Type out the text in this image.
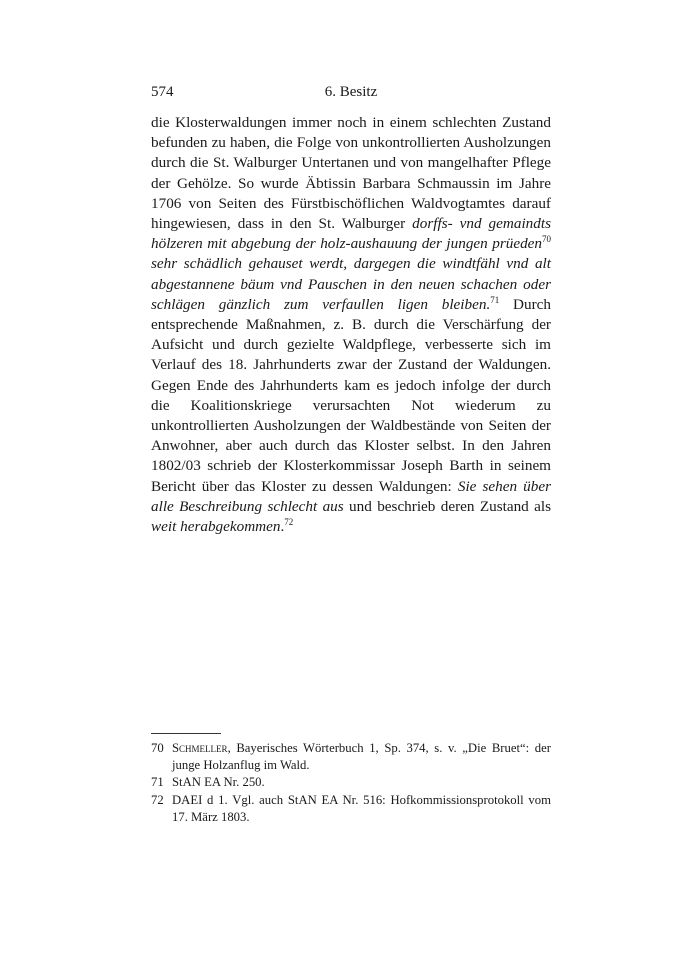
574	6. Besitz

die Klosterwaldungen immer noch in einem schlechten Zustand befunden zu haben, die Folge von unkontrollierten Ausholzungen durch die St. Walburger Untertanen und von mangelhafter Pflege der Gehölze. So wurde Äbtissin Barbara Schmaussin im Jahre 1706 von Seiten des Fürstbischöflichen Waldvogtamtes darauf hingewiesen, dass in den St. Walburger dorffs- vnd gemaindts hölzeren mit abgebung der holz-aushauung der jungen prüeden$^{70}$ sehr schädlich gehauset werdt, dargegen die windtfähl vnd alt abgestannene bäum vnd Pauschen in den neuen schachen oder schlägen gänzlich zum verfaullen ligen bleiben.$^{71}$ Durch entsprechende Maßnahmen, z. B. durch die Verschärfung der Aufsicht und durch gezielte Waldpflege, verbesserte sich im Verlauf des 18. Jahrhunderts zwar der Zustand der Waldungen. Gegen Ende des Jahrhunderts kam es jedoch infolge der durch die Koalitionskriege verursachten Not wiederum zu unkontrollierten Ausholzungen der Waldbestände von Seiten der Anwohner, aber auch durch das Kloster selbst. In den Jahren 1802/03 schrieb der Klosterkommissar Joseph Barth in seinem Bericht über das Kloster zu dessen Waldungen: Sie sehen über alle Beschreibung schlecht aus und beschrieb deren Zustand als weit herabgekommen.$^{72}$

70 Schmeller, Bayerisches Wörterbuch 1, Sp. 374, s. v. „Die Bruet“: der junge Holzanflug im Wald.
71 StAN EA Nr. 250.
72 DAEI d 1. Vgl. auch StAN EA Nr. 516: Hofkommissionsprotokoll vom 17. März 1803.
